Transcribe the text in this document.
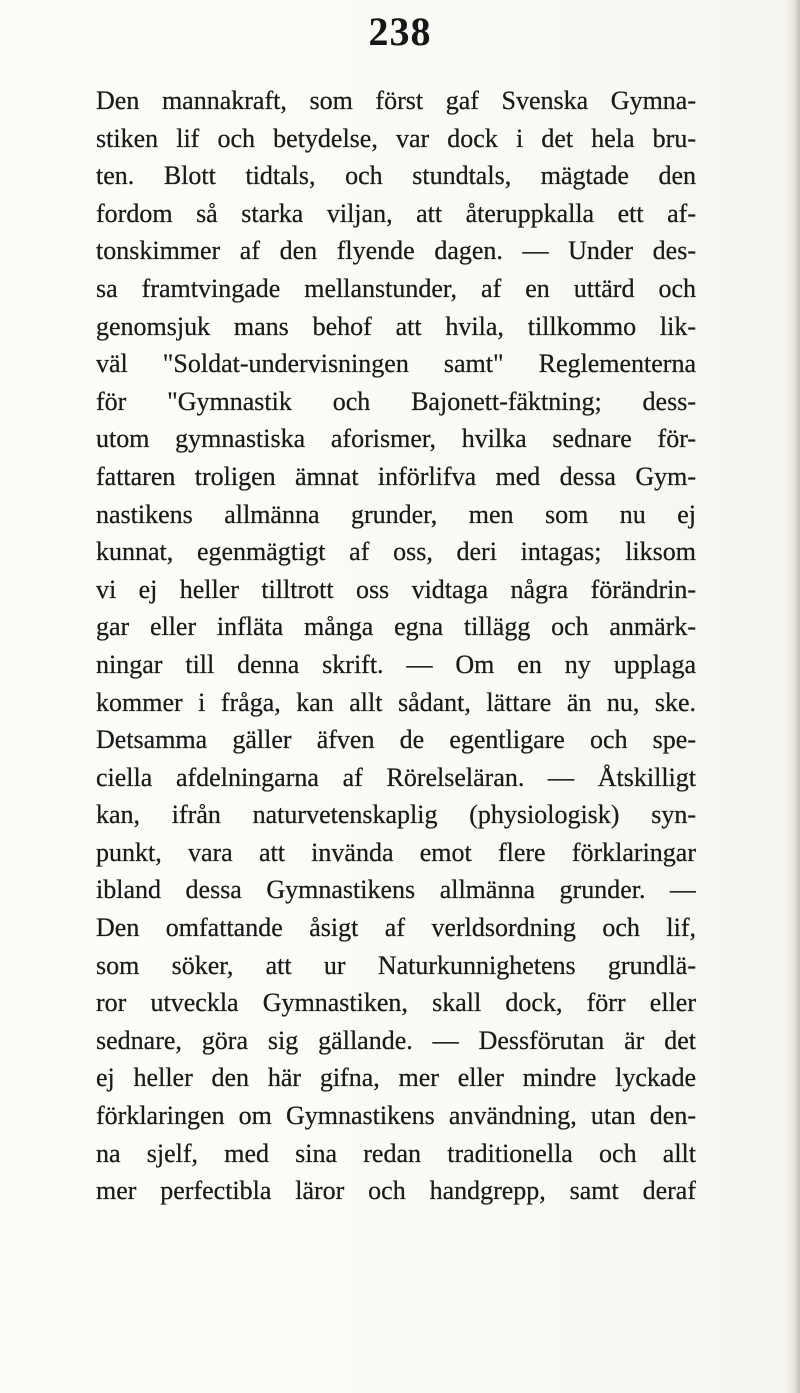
238
Den mannakraft, som först gaf Svenska Gymna-
stiken lif och betydelse, var dock i det hela bru-
ten. Blott tidtals, och stundtals, mägtade den
fordom så starka viljan, att återuppkalla ett af-
tonskimmer af den flyende dagen. — Under des-
sa framtvingade mellanstunder, af en uttärd och
genomsjuk mans behof att hvila, tillkommo lik-
väl "Soldat-undervisningen samt" Reglementerna
för "Gymnastik och Bajonett-fäktning; dess-
utom gymnastiska aforismer, hvilka sednare för-
fattaren troligen ämnat införlifva med dessa Gym-
nastikens allmänna grunder, men som nu ej
kunnat, egenmägtigt af oss, deri intagas; liksom
vi ej heller tilltrott oss vidtaga några förändrin-
gar eller infläta många egna tillägg och anmärk-
ningar till denna skrift. — Om en ny upplaga
kommer i fråga, kan allt sådant, lättare än nu, ske.
Detsamma gäller äfven de egentligare och spe-
ciella afdelningarna af Rörelseläran. — Åtskilligt
kan, ifrån naturvetenskaplig (physiologisk) syn-
punkt, vara att invända emot flere förklaringar
ibland dessa Gymnastikens allmänna grunder. —
Den omfattande åsigt af verldsordning och lif,
som söker, att ur Naturkunnighetens grundlä-
ror utveckla Gymnastiken, skall dock, förr eller
sednare, göra sig gällande. — Dessförutan är det
ej heller den här gifna, mer eller mindre lyckade
förklaringen om Gymnastikens användning, utan den-
na sjelf, med sina redan traditionella och allt
mer perfectibla läror och handgrepp, samt deraf
